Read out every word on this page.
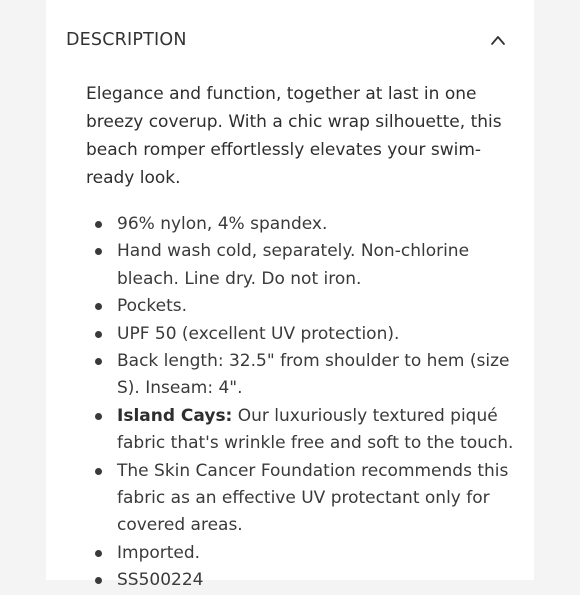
DESCRIPTION

Elegance and function, together at last in one breezy coverup. With a chic wrap silhouette, this beach romper effortlessly elevates your swim-ready look.

96% nylon, 4% spandex.
Hand wash cold, separately. Non-chlorine bleach. Line dry. Do not iron.
Pockets.
UPF 50 (excellent UV protection).
Back length: 32.5" from shoulder to hem (size S). Inseam: 4".
Island Cays: Our luxuriously textured piqué fabric that's wrinkle free and soft to the touch.
The Skin Cancer Foundation recommends this fabric as an effective UV protectant only for covered areas.
Imported.
SS500224
